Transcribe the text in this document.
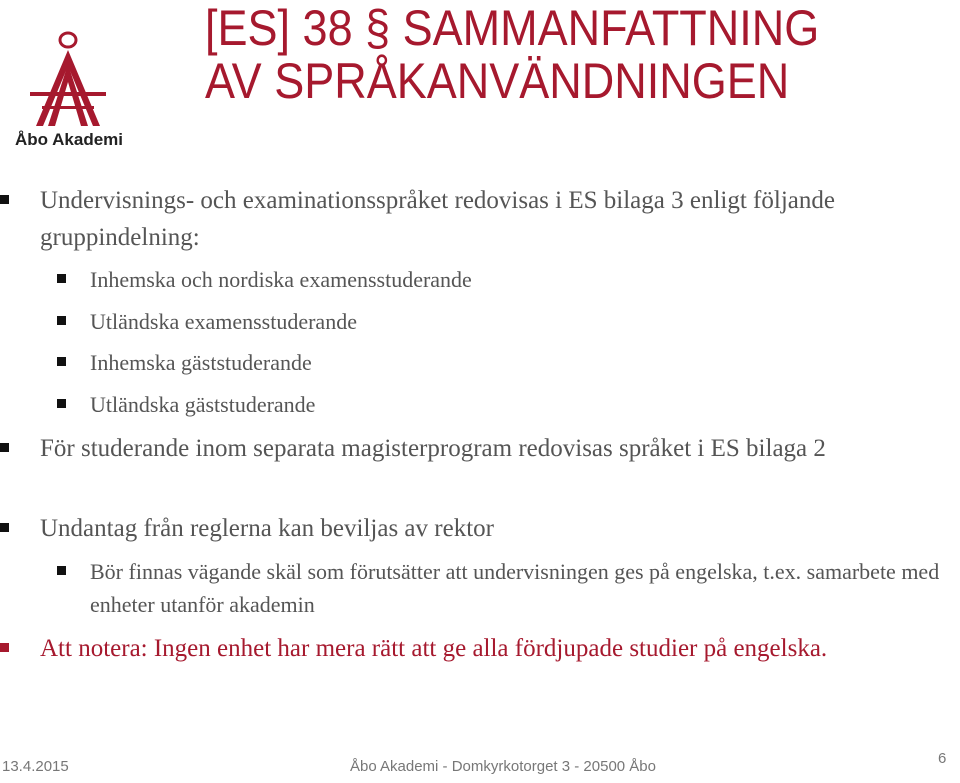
Åbo Akademi
[ES] 38 § SAMMANFATTNING
AV SPRÅKANVÄNDNINGEN
Undervisnings- och examinationsspråket redovisas i ES bilaga 3 enligt följande gruppindelning:
Inhemska och nordiska examensstuderande
Utländska examensstuderande
Inhemska gäststuderande
Utländska gäststuderande
För studerande inom separata magisterprogram redovisas språket i ES bilaga 2
Undantag från reglerna kan beviljas av rektor
Bör finnas vägande skäl som förutsätter att undervisningen ges på engelska, t.ex. samarbete med enheter utanför akademin
Att notera: Ingen enhet har mera rätt att ge alla fördjupade studier på engelska.
13.4.2015	Åbo Akademi - Domkyrkotorget 3 - 20500 Åbo	6
